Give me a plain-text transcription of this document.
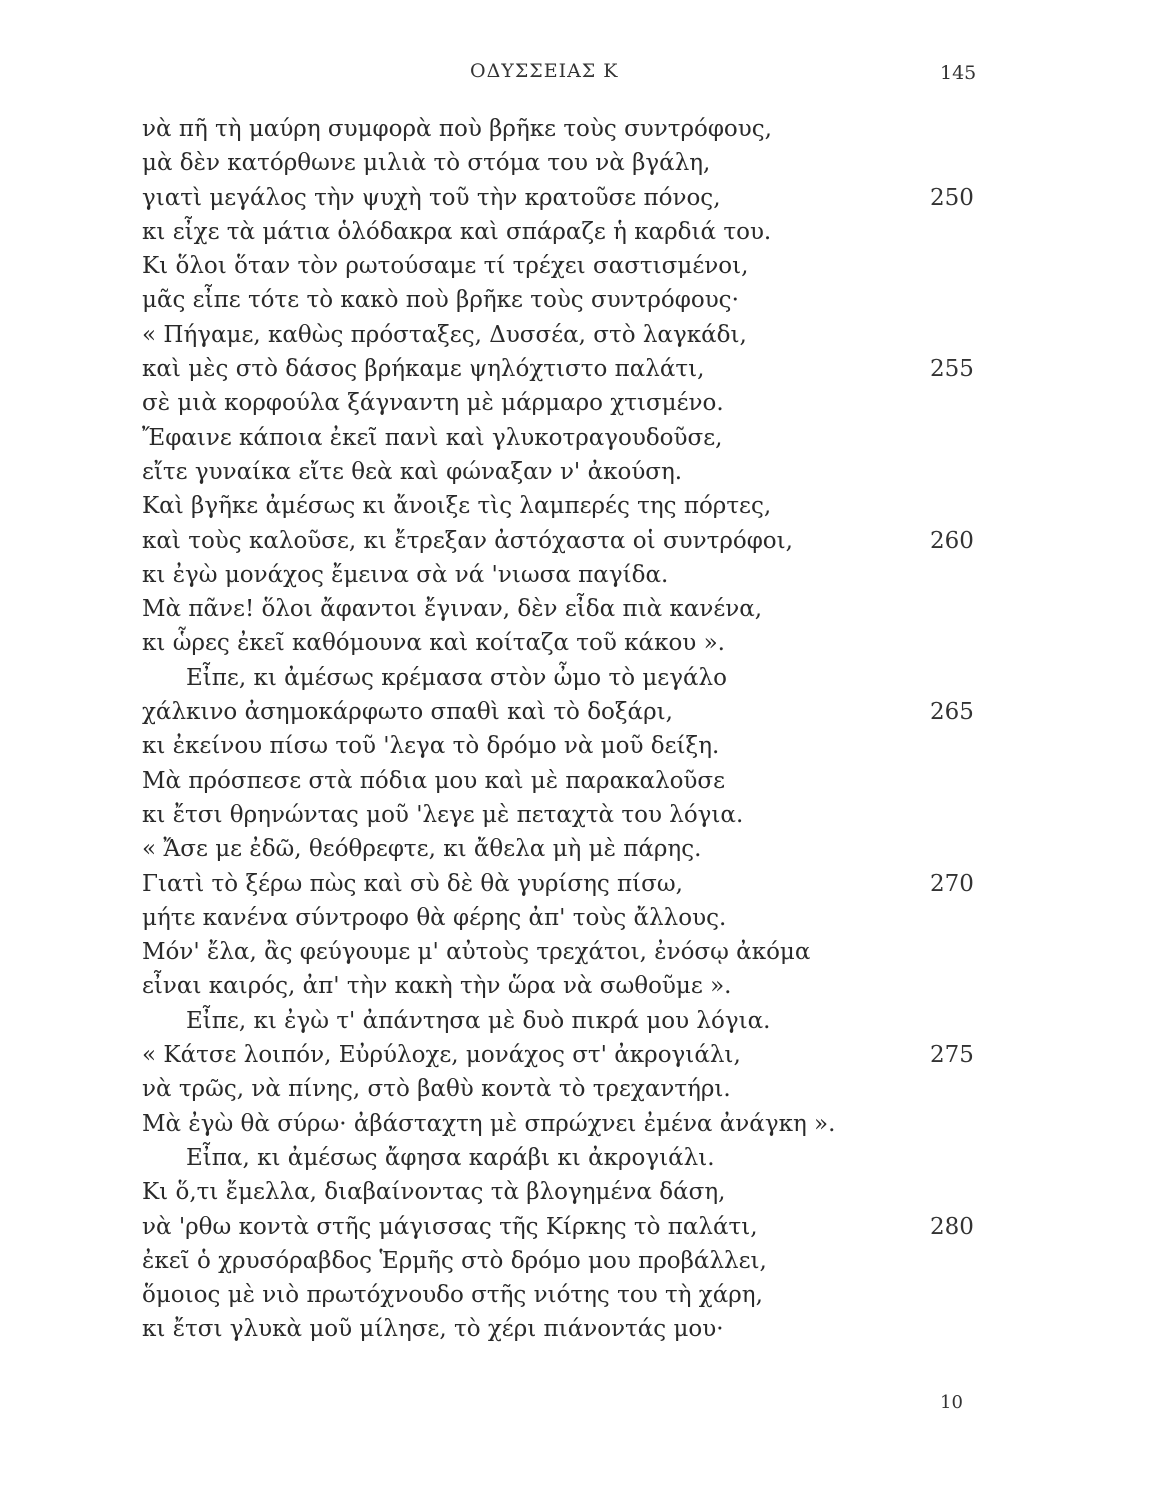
ΟΔΥΣΣΕΙΑΣ Κ	145
νὰ πῆ τὴ μαύρη συμφορὰ ποὺ βρῆκε τοὺς συντρόφους,
μὰ δὲν κατόρθωνε μιλιὰ τὸ στόμα του νὰ βγάλη,
γιατὶ μεγάλος τὴν ψυχὴ τοῦ τὴν κρατοῦσε πόνος,	250
κι εἶχε τὰ μάτια ὁλόδακρα καὶ σπάραζε ἡ καρδιά του.
Κι ὅλοι ὅταν τὸν ρωτούσαμε τί τρέχει σαστισμένοι,
μᾶς εἶπε τότε τὸ κακὸ ποὺ βρῆκε τοὺς συντρόφους·
« Πήγαμε, καθὼς πρόσταξες, Δυσσέα, στὸ λαγκάδι,
καὶ μὲς στὸ δάσος βρήκαμε ψηλόχτιστο παλάτι,	255
σὲ μιὰ κορφούλα ξάγναντη μὲ μάρμαρο χτισμένο.
Ἔφαινε κάποια ἐκεῖ πανὶ καὶ γλυκοτραγουδοῦσε,
εἴτε γυναίκα εἴτε θεὰ καὶ φώναξαν ν' ἀκούση.
Καὶ βγῆκε ἀμέσως κι ἄνοιξε τὶς λαμπερές της πόρτες,
καὶ τοὺς καλοῦσε, κι ἔτρεξαν ἀστόχαστα οἱ συντρόφοι,	260
κι ἐγὼ μονάχος ἔμεινα σὰ νά 'νιωσα παγίδα.
Μὰ πᾶνε! ὅλοι ἄφαντοι ἔγιναν, δὲν εἶδα πιὰ κανένα,
κι ὧρες ἐκεῖ καθόμουνα καὶ κοίταζα τοῦ κάκου ».
Εἶπε, κι ἀμέσως κρέμασα στὸν ὦμο τὸ μεγάλο
χάλκινο ἀσημοκάρφωτο σπαθὶ καὶ τὸ δοξάρι,	265
κι ἐκείνου πίσω τοῦ 'λεγα τὸ δρόμο νὰ μοῦ δείξη.
Μὰ πρόσπεσε στὰ πόδια μου καὶ μὲ παρακαλοῦσε
κι ἔτσι θρηνώντας μοῦ 'λεγε μὲ πεταχτὰ του λόγια.
« Ἄσε με ἐδῶ, θεόθρεφτε, κι ἄθελα μὴ μὲ πάρης.
Γιατὶ τὸ ξέρω πὼς καὶ σὺ δὲ θὰ γυρίσης πίσω,	270
μήτε κανένα σύντροφο θὰ φέρης ἀπ' τοὺς ἄλλους.
Μόν' ἔλα, ἂς φεύγουμε μ' αὐτοὺς τρεχάτοι, ἐνόσῳ ἀκόμα
εἶναι καιρός, ἀπ' τὴν κακὴ τὴν ὥρα νὰ σωθοῦμε ».
Εἶπε, κι ἐγὼ τ' ἀπάντησα μὲ δυὸ πικρά μου λόγια.
« Κάτσε λοιπόν, Εὐρύλοχε, μονάχος στ' ἀκρογιάλι,	275
νὰ τρῶς, νὰ πίνης, στὸ βαθὺ κοντὰ τὸ τρεχαντήρι.
Μὰ ἐγὼ θὰ σύρω· ἀβάσταχτη μὲ σπρώχνει ἐμένα ἀνάγκη ».
Εἶπα, κι ἀμέσως ἄφησα καράβι κι ἀκρογιάλι.
Κι ὅ,τι ἔμελλα, διαβαίνοντας τὰ βλογημένα δάση,
νὰ 'ρθω κοντὰ στῆς μάγισσας τῆς Κίρκης τὸ παλάτι,	280
ἐκεῖ ὁ χρυσόραβδος Ἑρμῆς στὸ δρόμο μου προβάλλει,
ὅμοιος μὲ νιὸ πρωτόχνουδο στῆς νιότης του τὴ χάρη,
κι ἔτσι γλυκὰ μοῦ μίλησε, τὸ χέρι πιάνοντάς μου·
10
